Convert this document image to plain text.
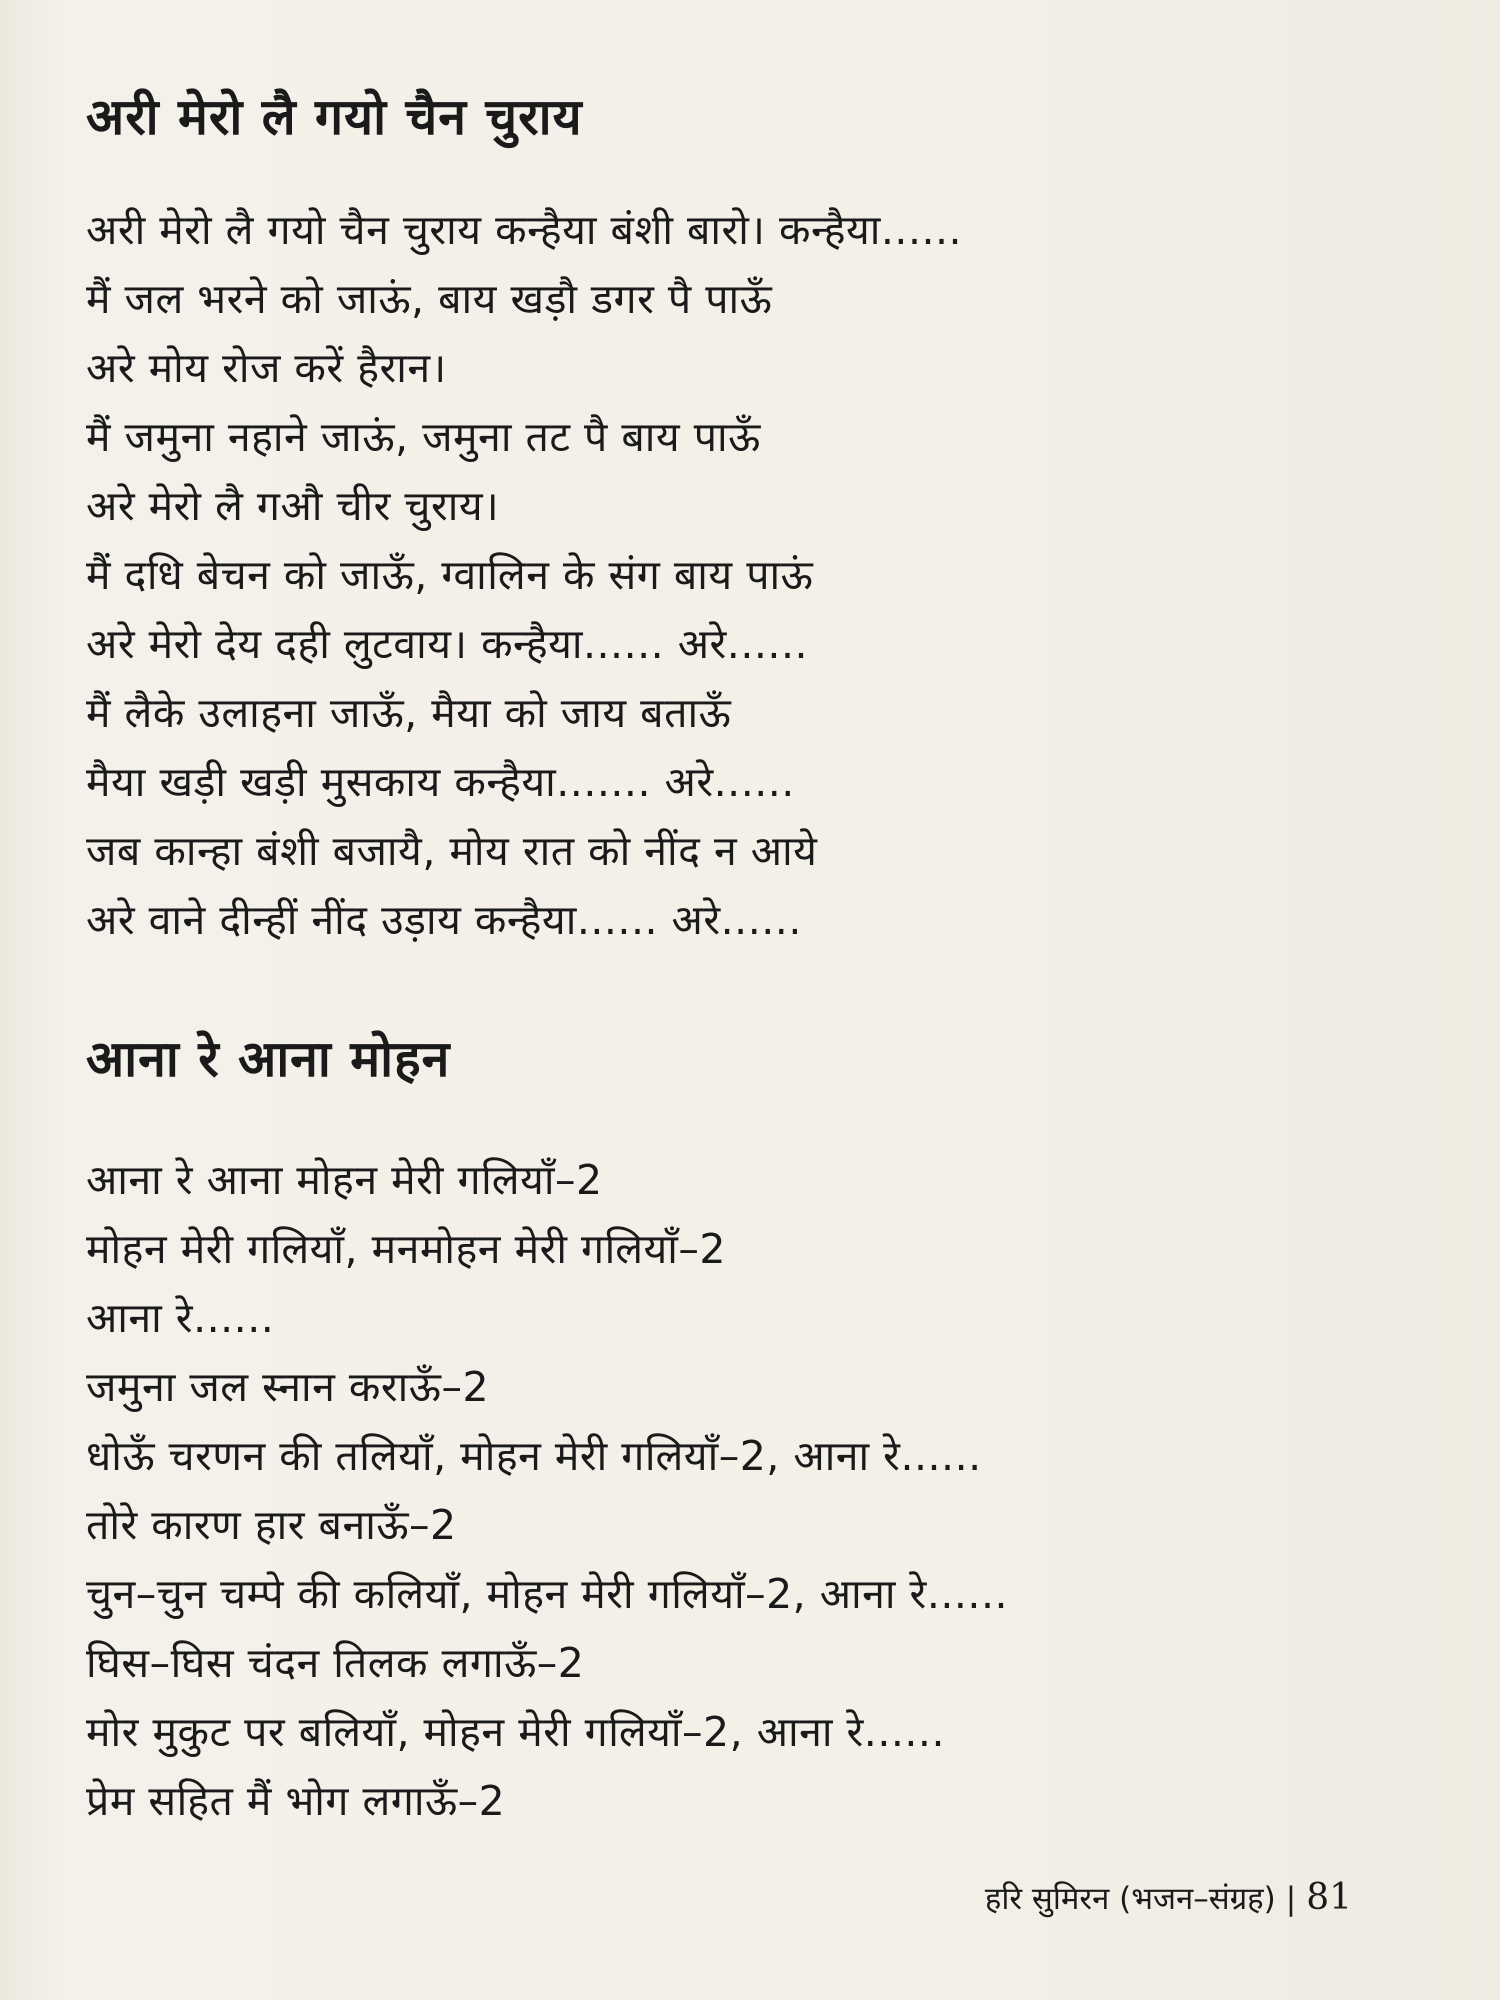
अरी मेरो लै गयो चैन चुराय
अरी मेरो लै गयो चैन चुराय कन्हैया बंशी बारो। कन्हैया......
मैं जल भरने को जाऊं, बाय खड़ौ डगर पै पाऊँ
अरे मोय रोज करें हैरान।
मैं जमुना नहाने जाऊं, जमुना तट पै बाय पाऊँ
अरे मेरो लै गऔ चीर चुराय।
मैं दधि बेचन को जाऊँ, ग्वालिन के संग बाय पाऊं
अरे मेरो देय दही लुटवाय। कन्हैया...... अरे......
मैं लैके उलाहना जाऊँ, मैया को जाय बताऊँ
मैया खड़ी खड़ी मुसकाय कन्हैया....... अरे......
जब कान्हा बंशी बजायै, मोय रात को नींद न आये
अरे वाने दीन्हीं नींद उड़ाय कन्हैया...... अरे......
आना रे आना मोहन
आना रे आना मोहन मेरी गलियाँ–2
मोहन मेरी गलियाँ, मनमोहन मेरी गलियाँ–2
आना रे......
जमुना जल स्नान कराऊँ–2
धोऊँ चरणन की तलियाँ, मोहन मेरी गलियाँ–2, आना रे......
तोरे कारण हार बनाऊँ–2
चुन–चुन चम्पे की कलियाँ, मोहन मेरी गलियाँ–2, आना रे......
घिस–घिस चंदन तिलक लगाऊँ–2
मोर मुकुट पर बलियाँ, मोहन मेरी गलियाँ–2, आना रे......
प्रेम सहित मैं भोग लगाऊँ–2
हरि सुमिरन (भजन–संग्रह) | 81
